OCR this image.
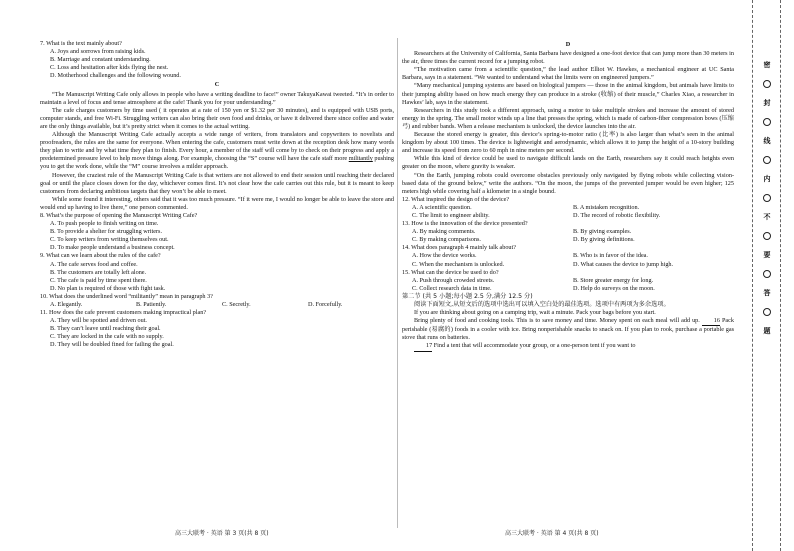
7. What is the text mainly about?

A. Joys and sorrows from raising kids.

B. Marriage and constant understanding.

C. Loss and hesitation after kids flying the nest.

D. Motherhood challenges and the following wound.

C

“The Manuscript Writing Cafe only allows in people who have a writing deadline to face!” owner TakuyaKawai tweeted. “It’s in order to maintain a level of focus and tense atmosphere at the cafe! Thank you for your understanding.”

The cafe charges customers by time used ( it operates at a rate of 150 yen or $1.32 per 30 minutes), and is equipped with USB ports, computer stands, and free Wi-Fi. Struggling writers can also bring their own food and drinks, or have it delivered there since coffee and water are the only things available, but it’s pretty strict when it comes to the actual writing.

Although the Manuscript Writing Cafe actually accepts a wide range of writers, from translators and copywriters to novelists and proofreaders, the rules are the same for everyone. When entering the cafe, customers must write down at the reception desk how many words they plan to write and by what time they plan to finish. Every hour, a member of the staff will come by to check on their progress and apply a predetermined pressure level to help move things along. For example, choosing the “S” course will have the cafe staff more militantly pushing you to get the work done, while the “M” course involves a milder approach.

However, the craziest rule of the Manuscript Writing Cafe is that writers are not allowed to end their session until reaching their declared goal or until the place closes down for the day, whichever comes first. It’s not clear how the cafe carries out this rule, but it is meant to keep customers from declaring ambitious targets that they won’t be able to meet.

While some found it interesting, others said that it was too much pressure. “If it were me, I would no longer be able to leave the store and would end up having to live there,” one person commented.

8. What’s the purpose of opening the Manuscript Writing Cafe?

A. To push people to finish writing on time.

B. To provide a shelter for struggling writers.

C. To keep writers from writing themselves out.

D. To make people understand a business concept.

9. What can we learn about the rules of the cafe?

A. The cafe serves food and coffee.

B. The customers are totally left alone.

C. The cafe is paid by time spent there.

D. No plan is required of those with fight task.

10. What does the underlined word “militantly” mean in paragraph 3?

A. Elegantly.	B. Patiently.	C. Secretly.	D. Forcefully.

11. How does the cafe prevent customers making impractical plan?

A. They will be spotted and driven out.

B. They can’t leave until reaching their goal.

C. They are locked in the cafe with no supply.

D. They will be doubled fined for failing the goal.

D

Researchers at the University of California, Santa Barbara have designed a one-foot device that can jump more than 30 meters in the air, three times the current record for a jumping robot.

“The motivation came from a scientific question,” the lead author Elliot W. Hawkes, a mechanical engineer at UC Santa Barbara, says in a statement. “We wanted to understand what the limits were on engineered jumpers.”

“Many mechanical jumping systems are based on biological jumpers — those in the animal kingdom, but animals have limits to their jumping ability based on how much energy they can produce in a stroke (收缩) of their muscle,” Charles Xiao, a researcher in Hawkes’ lab, says in the statement.

Researchers in this study took a different approach, using a motor to take multiple strokes and increase the amount of stored energy in the spring. The small motor winds up a line that presses the spring, which is made of carbon-fiber compression bows (压缩弓) and rubber bands. When a release mechanism is unlocked, the device launches into the air.

Because the stored energy is greater, this device’s spring-to-motor ratio (比率) is also larger than what’s seen in the animal kingdom by about 100 times. The device is lightweight and aerodynamic, which allows it to jump the height of a 10-story building and increase its speed from zero to 60 mph in nine meters per second.

While this kind of device could be used to navigate difficult lands on the Earth, researchers say it could reach heights even greater on the moon, where gravity is weaker.

“On the Earth, jumping robots could overcome obstacles previously only navigated by flying robots while collecting vision-based data of the ground below,” write the authors. “On the moon, the jumps of the prevented jumper would be even higher; 125 meters high while covering half a kilometer in a single bound.

12. What inspired the design of the device?

A. A scientific question.	B. A mistaken recognition.
C. The limit to engineer ability.	D. The record of robotic flexibility.

13. How is the innovation of the device presented?

A. By making comments.	B. By giving examples.
C. By making comparisons.	D. By giving definitions.

14. What does paragraph 4 mainly talk about?

A. How the device works.	B. Who is in favor of the idea.
C. When the mechanism is unlocked.	D. What causes the device to jump high.

15. What can the device be used to do?

A. Push through crowded streets.	B. Store greater energy for long.
C. Collect research data in time.	D. Help do surveys on the moon.

第二节 (共 5 小题;每小题 2.5 分,满分 12.5 分)

阅读下面短文,从短文后的选项中选出可以填入空白处的最佳选项。选项中有两项为多余选项。

If you are thinking about going on a camping trip, wait a minute. Pack your bags before you start.

Bring plenty of food and cooking tools. This is to save money and time. Money spent on each meal will add up. 16 Pack perishable (易腐的) foods in a cooler with ice. Bring nonperishable snacks to snack on. If you plan to rook, purchase a portable gas stove that runs on batteries.

17 Find a tent that will accommodate your group, or a one-person tent if you want to

高三大联考 · 英语 第 3 页(共 8 页)	高三大联考 · 英语 第 4 页(共 8 页)
密
封
线
内
不
要
答
题
